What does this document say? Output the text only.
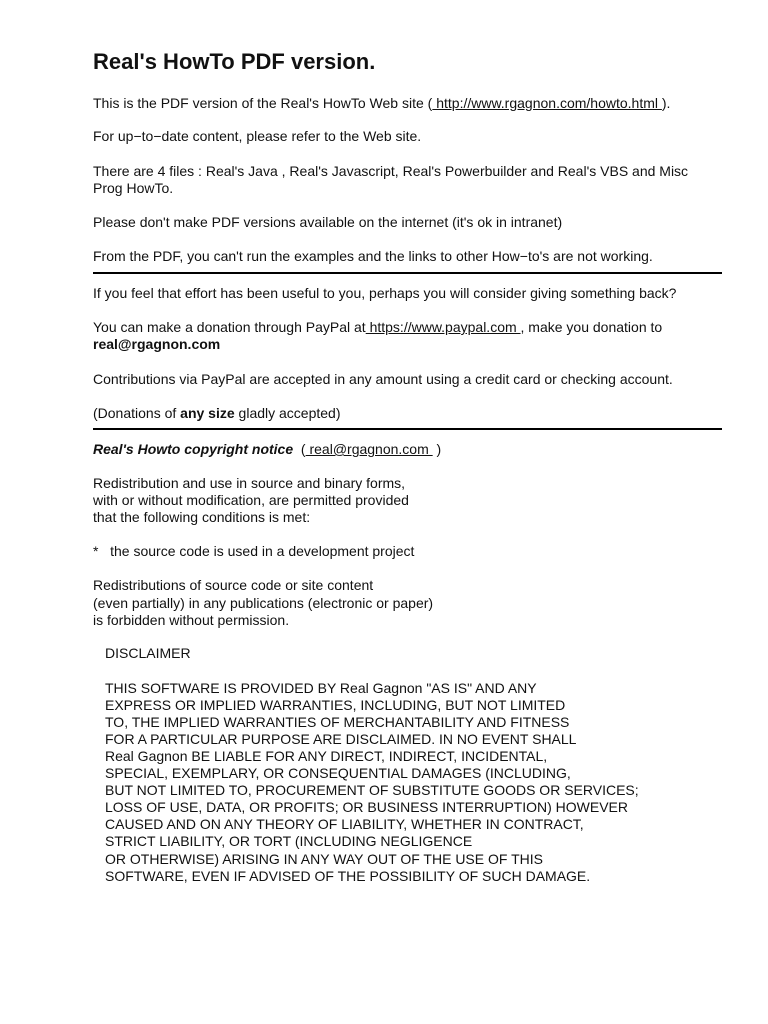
Real's HowTo PDF version.
This is the PDF version of the Real's HowTo Web site ( http://www.rgagnon.com/howto.html ).
For up−to−date content, please refer to the Web site.
There are 4 files : Real's Java , Real's Javascript, Real's Powerbuilder and Real's VBS and Misc
Prog HowTo.
Please don't make PDF versions available on the internet (it's ok in intranet)
From the PDF, you can't run the examples and the links to other How−to's are not working.
If you feel that effort has been useful to you, perhaps you will consider giving something back?
You can make a donation through PayPal at https://www.paypal.com , make you donation to
real@rgagnon.com
Contributions via PayPal are accepted in any amount using a credit card or checking account.
(Donations of any size gladly accepted)
Real's Howto copyright notice ( real@rgagnon.com  )
Redistribution and use in source and binary forms,
with or without modification, are permitted provided
that the following conditions is met:
* the source code is used in a development project
Redistributions of source code or site content
(even partially) in any publications (electronic or paper)
is forbidden without permission.
DISCLAIMER
THIS SOFTWARE IS PROVIDED BY Real Gagnon "AS IS" AND ANY
EXPRESS OR IMPLIED WARRANTIES, INCLUDING, BUT NOT LIMITED
TO, THE IMPLIED WARRANTIES OF MERCHANTABILITY AND FITNESS
FOR A PARTICULAR PURPOSE ARE DISCLAIMED. IN NO EVENT SHALL
Real Gagnon BE LIABLE FOR ANY DIRECT, INDIRECT, INCIDENTAL,
SPECIAL, EXEMPLARY, OR CONSEQUENTIAL DAMAGES (INCLUDING,
BUT NOT LIMITED TO, PROCUREMENT OF SUBSTITUTE GOODS OR SERVICES;
LOSS OF USE, DATA, OR PROFITS; OR BUSINESS INTERRUPTION) HOWEVER
CAUSED AND ON ANY THEORY OF LIABILITY, WHETHER IN CONTRACT,
STRICT LIABILITY, OR TORT (INCLUDING NEGLIGENCE
OR OTHERWISE) ARISING IN ANY WAY OUT OF THE USE OF THIS
SOFTWARE, EVEN IF ADVISED OF THE POSSIBILITY OF SUCH DAMAGE.
